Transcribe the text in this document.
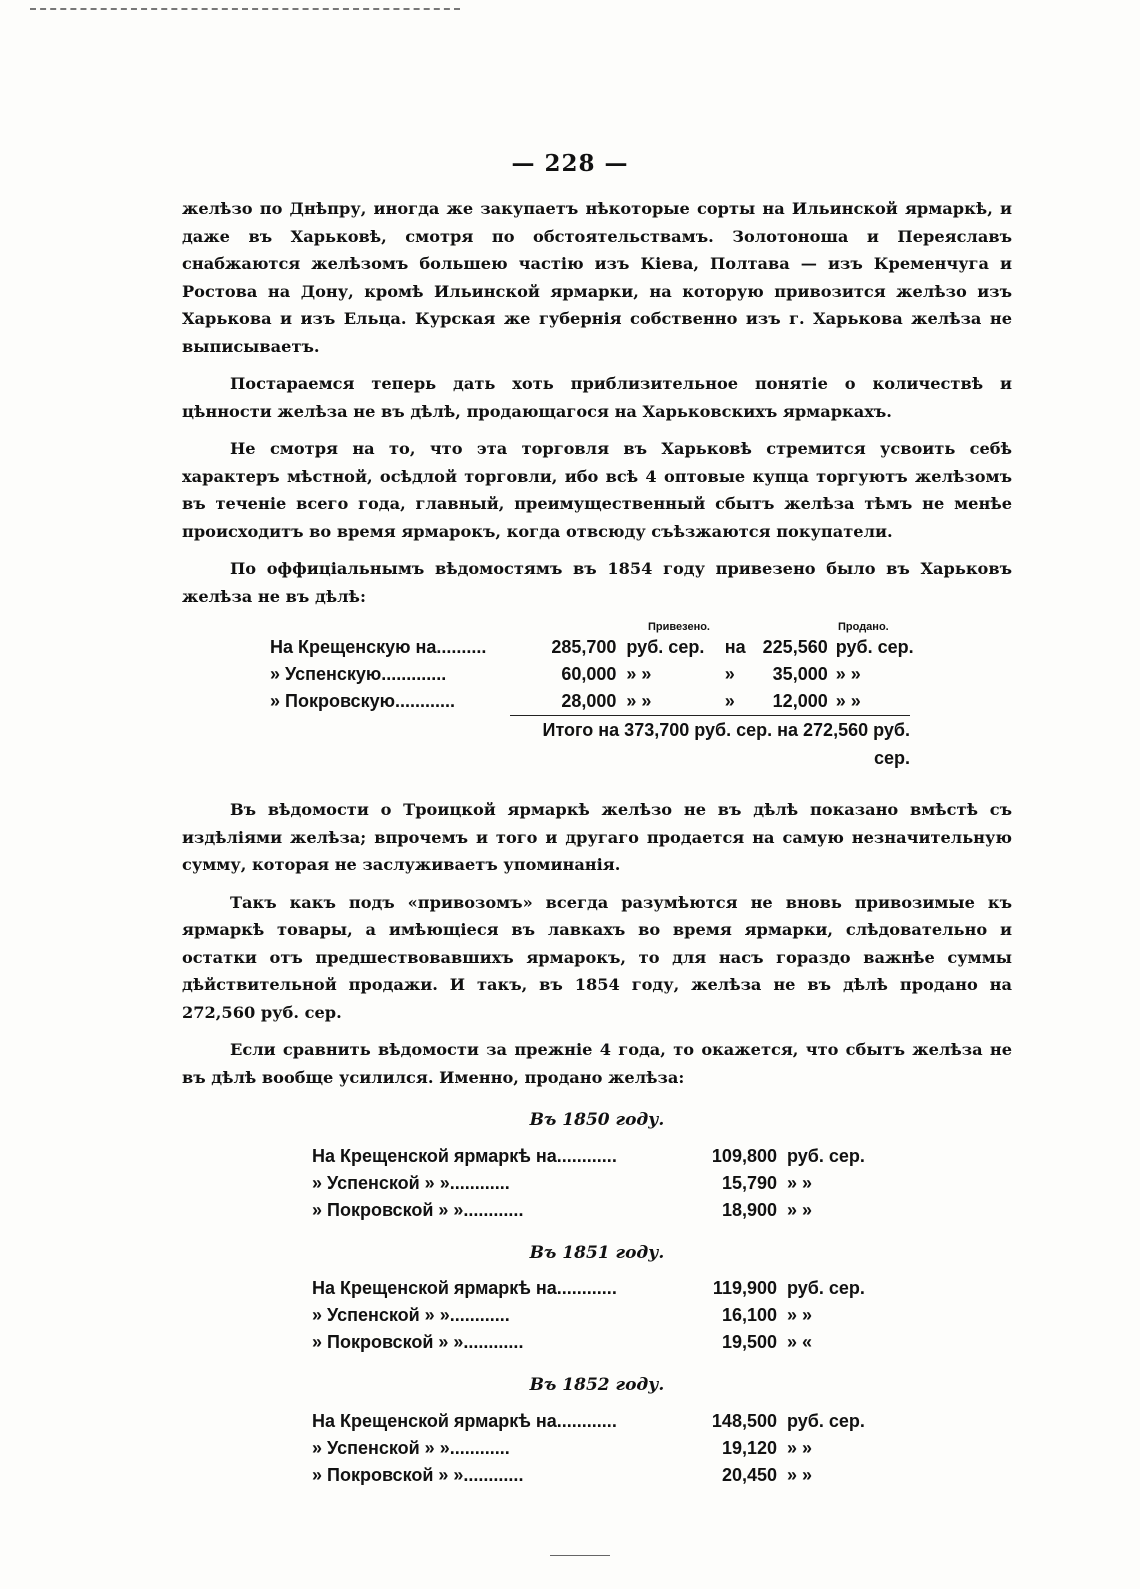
— 228 —

желѣзо по Днѣпру, иногда же закупаетъ нѣкоторые сорты на Ильинской ярмаркѣ, и даже въ Харьковѣ, смотря по обстоятельствамъ. Золотоноша и Переяславъ снабжаются желѣзомъ большею частію изъ Кіева, Полтава — изъ Кременчуга и Ростова на Дону, кромѣ Ильинской ярмарки, на которую привозится желѣзо изъ Харькова и изъ Ельца. Курская же губернія собственно изъ г. Харькова желѣза не выписываетъ.

Постараемся теперь дать хоть приблизительное понятіе о количествѣ и цѣнности желѣза не въ дѣлѣ, продающагося на Харьковскихъ ярмаркахъ.

Не смотря на то, что эта торговля въ Харьковѣ стремится усвоить себѣ характеръ мѣстной, осѣдлой торговли, ибо всѣ 4 оптовые купца торгуютъ желѣзомъ въ теченіе всего года, главный, преимущественный сбытъ желѣза тѣмъ не менѣе происходитъ во время ярмарокъ, когда отвсюду съѣзжаются покупатели.

По оффиціальнымъ вѣдомостямъ въ 1854 году привезено было въ Харьковъ желѣза не въ дѣлѣ:

Привезено.	Продано.
На Крещенскую на..........	285,700 руб. сер.	на 225,560 руб. сер.
» Успенскую.............	60,000 » »	»	35,000 » »
» Покровскую............	28,000 » »	»	12,000 » »
Итого на 373,700 руб. сер. на 272,560 руб. сер.

Въ вѣдомости о Троицкой ярмаркѣ желѣзо не въ дѣлѣ показано вмѣстѣ съ издѣліями желѣза; впрочемъ и того и другаго продается на самую незначительную сумму, которая не заслуживаетъ упоминанія.

Такъ какъ подъ «привозомъ» всегда разумѣются не вновь привозимые къ ярмаркѣ товары, а имѣющіеся въ лавкахъ во время ярмарки, слѣдовательно и остатки отъ предшествовавшихъ ярмарокъ, то для насъ гораздо важнѣе суммы дѣйствительной продажи. И такъ, въ 1854 году, желѣза не въ дѣлѣ продано на 272,560 руб. сер.

Если сравнить вѣдомости за прежніе 4 года, то окажется, что сбытъ желѣза не въ дѣлѣ вообще усилился. Именно, продано желѣза:

Въ 1850 году.
На Крещенской ярмаркѣ на............	109,800 руб. сер.
» Успенской » »............	15,790 » »
» Покровской » »............	18,900 » »
Въ 1851 году.
На Крещенской ярмаркѣ на............	119,900 руб. сер.
» Успенской » »............	16,100 » »
» Покровской » »............	19,500 » «
Въ 1852 году.
На Крещенской ярмаркѣ на............	148,500 руб. сер.
» Успенской » »............	19,120 » »
» Покровской » »............	20,450 » »
